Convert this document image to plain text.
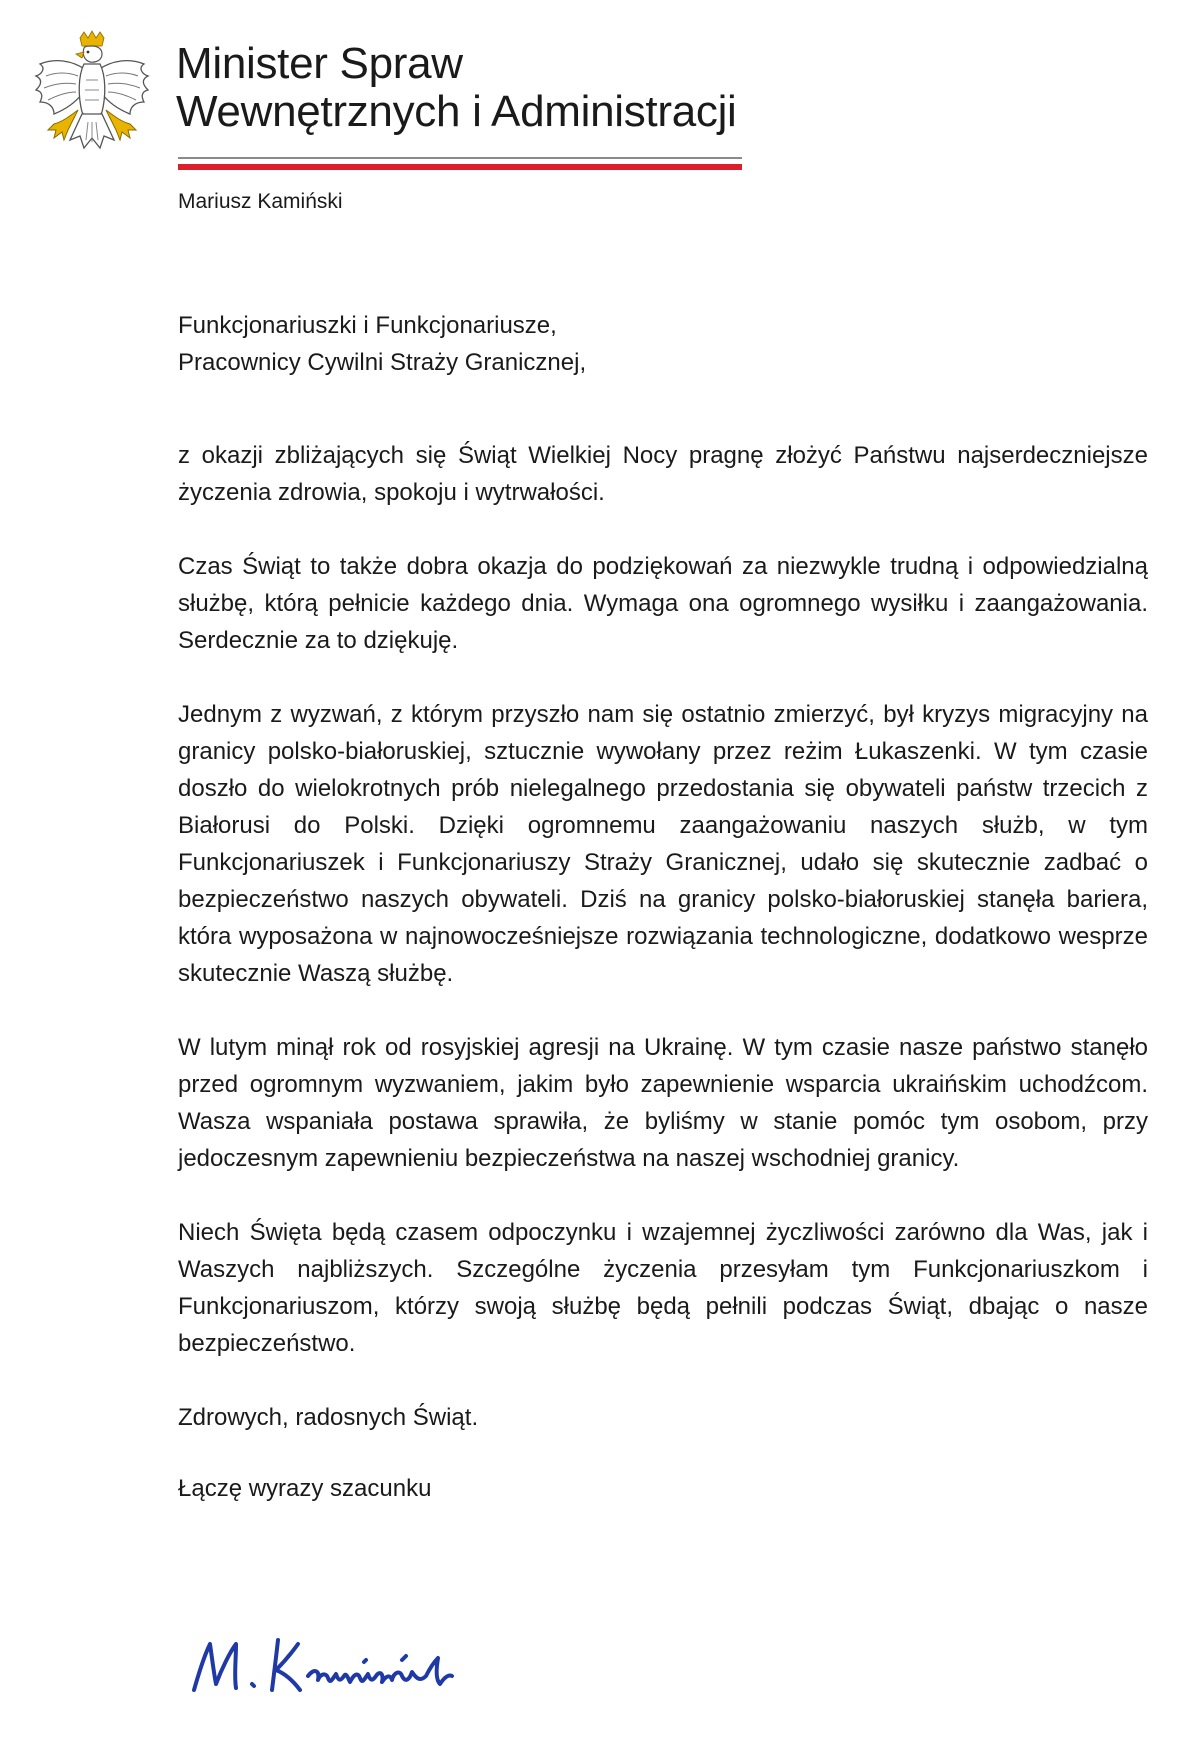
Minister Spraw
Wewnętrznych i Administracji
Mariusz Kamiński

Funkcjonariuszki i Funkcjonariusze,

Pracownicy Cywilni Straży Granicznej,

z okazji zbliżających się Świąt Wielkiej Nocy pragnę złożyć Państwu najserdeczniejsze życzenia zdrowia, spokoju i wytrwałości.

Czas Świąt to także dobra okazja do podziękowań za niezwykle trudną i odpowiedzialną służbę, którą pełnicie każdego dnia. Wymaga ona ogromnego wysiłku i zaangażowania. Serdecznie za to dziękuję.

Jednym z wyzwań, z którym przyszło nam się ostatnio zmierzyć, był kryzys migracyjny na granicy polsko-białoruskiej, sztucznie wywołany przez reżim Łukaszenki. W tym czasie doszło do wielokrotnych prób nielegalnego przedostania się obywateli państw trzecich z Białorusi do Polski. Dzięki ogromnemu zaangażowaniu naszych służb, w tym Funkcjonariuszek i Funkcjonariuszy Straży Granicznej, udało się skutecznie zadbać o bezpieczeństwo naszych obywateli. Dziś na granicy polsko-białoruskiej stanęła bariera, która wyposażona w najnowocześniejsze rozwiązania technologiczne, dodatkowo wesprze skutecznie Waszą służbę.

W lutym minął rok od rosyjskiej agresji na Ukrainę. W tym czasie nasze państwo stanęło przed ogromnym wyzwaniem, jakim było zapewnienie wsparcia ukraińskim uchodźcom. Wasza wspaniała postawa sprawiła, że byliśmy w stanie pomóc tym osobom, przy jedoczesnym zapewnieniu bezpieczeństwa na naszej wschodniej granicy.

Niech Święta będą czasem odpoczynku i wzajemnej życzliwości zarówno dla Was, jak i Waszych najbliższych. Szczególne życzenia przesyłam tym Funkcjonariuszkom i Funkcjonariuszom, którzy swoją służbę będą pełnili podczas Świąt, dbając o nasze bezpieczeństwo.

Zdrowych, radosnych Świąt.

Łączę wyrazy szacunku
